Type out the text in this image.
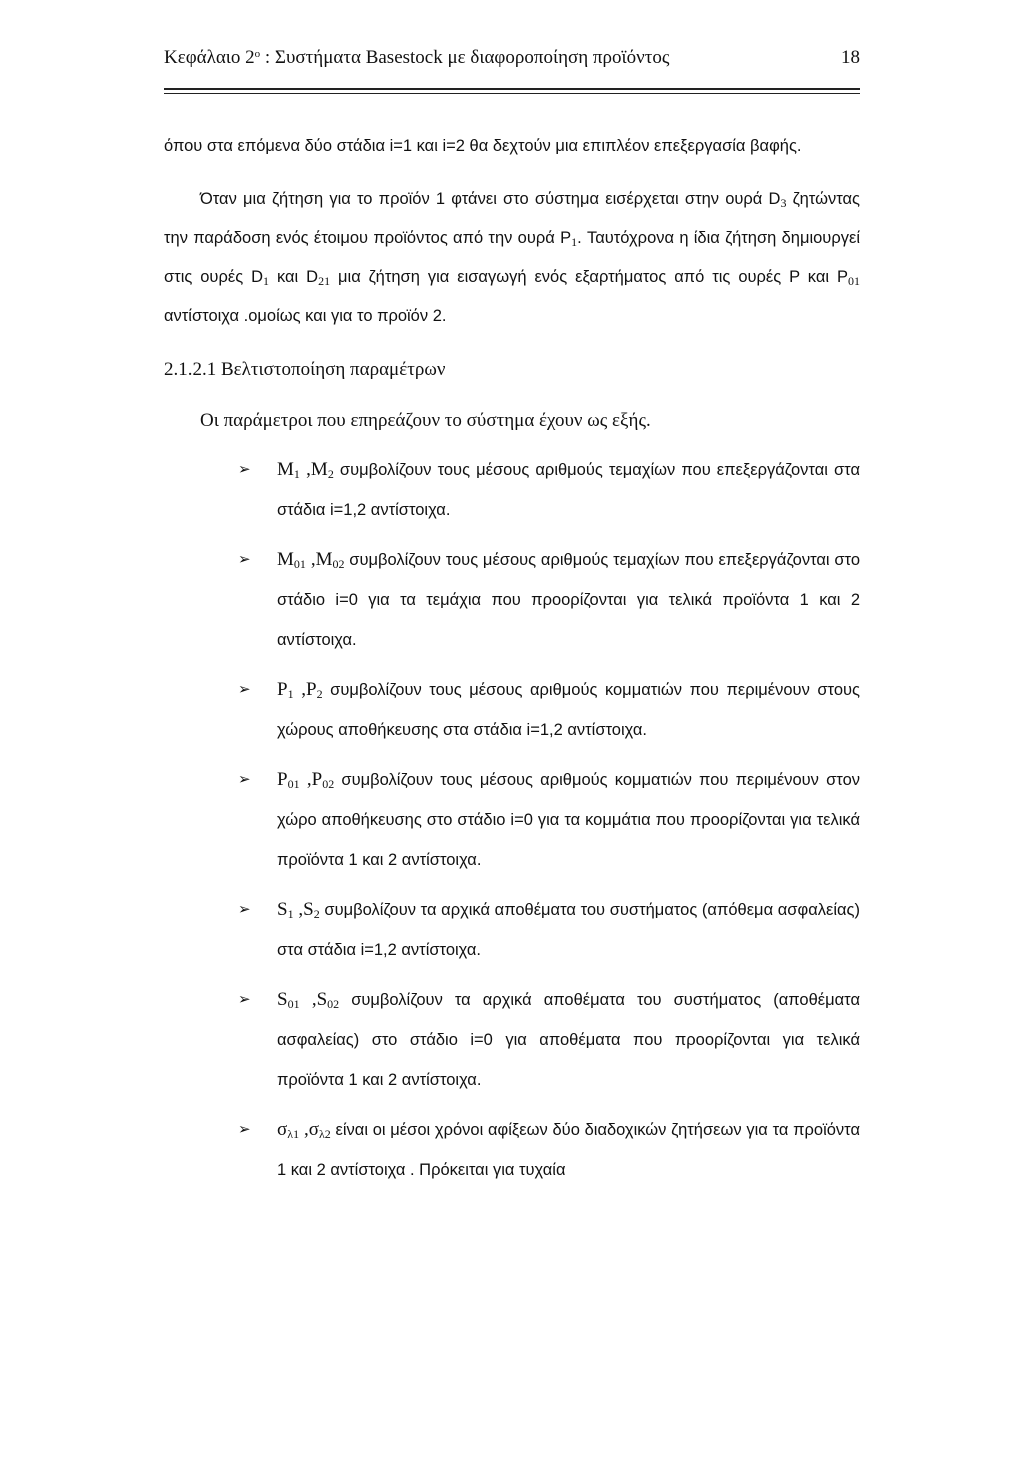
Κεφάλαιο $2^o$ : Συστήματα Basestock με διαφοροποίηση προϊόντος	18

όπου στα επόμενα δύο στάδια i=1 και i=2 θα δεχτούν μια επιπλέον επεξεργασία βαφής.

Όταν μια ζήτηση για το προϊόν 1 φτάνει στο σύστημα εισέρχεται στην ουρά $D_3$ ζητώντας την παράδοση ενός έτοιμου προϊόντος από την ουρά $P_1$. Ταυτόχρονα η ίδια ζήτηση δημιουργεί στις ουρές $D_1$ και $D_{21}$ μια ζήτηση για εισαγωγή ενός εξαρτήματος από τις ουρές P και $P_{01}$ αντίστοιχα .ομοίως και για το προϊόν 2.

2.1.2.1 Βελτιστοποίηση παραμέτρων

Οι παράμετροι που επηρεάζουν το σύστημα έχουν ως εξής.

➢ $M_1$ $,M_2$ συμβολίζουν τους μέσους αριθμούς τεμαχίων που επεξεργάζονται στα στάδια i=1,2 αντίστοιχα.
➢ $M_{01}$ $,M_{02}$ συμβολίζουν τους μέσους αριθμούς τεμαχίων που επεξεργάζονται στο στάδιο i=0 για τα τεμάχια που προορίζονται για τελικά προϊόντα 1 και 2 αντίστοιχα.
➢ $P_1$ $,P_2$ συμβολίζουν τους μέσους αριθμούς κομματιών που περιμένουν στους χώρους αποθήκευσης στα στάδια i=1,2 αντίστοιχα.
➢ $P_{01}$ $,P_{02}$ συμβολίζουν τους μέσους αριθμούς κομματιών που περιμένουν στον χώρο αποθήκευσης στο στάδιο i=0 για τα κομμάτια που προορίζονται για τελικά προϊόντα 1 και 2 αντίστοιχα.
➢ $S_1$ $,S_2$ συμβολίζουν τα αρχικά αποθέματα του συστήματος (απόθεμα ασφαλείας) στα στάδια i=1,2 αντίστοιχα.
➢ $S_{01}$ $,S_{02}$ συμβολίζουν τα αρχικά αποθέματα του συστήματος (αποθέματα ασφαλείας) στο στάδιο i=0 για αποθέματα που προορίζονται για τελικά προϊόντα 1 και 2 αντίστοιχα.
➢ $\sigma_{\lambda 1}$ $,\sigma_{\lambda 2}$ είναι οι μέσοι χρόνοι αφίξεων δύο διαδοχικών ζητήσεων για τα προϊόντα 1 και 2 αντίστοιχα . Πρόκειται για τυχαία
